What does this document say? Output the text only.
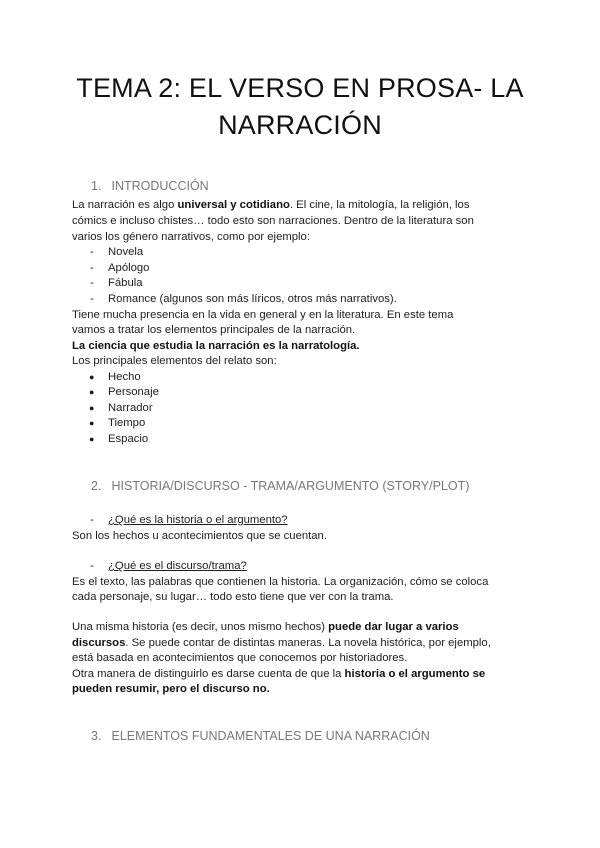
TEMA 2: EL VERSO EN PROSA- LA
NARRACIÓN
1. INTRODUCCIÓN
La narración es algo universal y cotidiano. El cine, la mitología, la religión, los
cómics e incluso chistes… todo esto son narraciones. Dentro de la literatura son
varios los género narrativos, como por ejemplo:
- Novela
- Apólogo
- Fábula
- Romance (algunos son más líricos, otros más narrativos).
Tiene mucha presencia en la vida en general y en la literatura. En este tema
vamos a tratar los elementos principales de la narración.
La ciencia que estudia la narración es la narratología.
Los principales elementos del relato son:
● Hecho
● Personaje
● Narrador
● Tiempo
● Espacio
2. HISTORIA/DISCURSO - TRAMA/ARGUMENTO (STORY/PLOT)
- ¿Qué es la historia o el argumento?
Son los hechos u acontecimientos que se cuentan.
- ¿Qué es el discurso/trama?
Es el texto, las palabras que contienen la historia. La organización, cómo se coloca
cada personaje, su lugar… todo esto tiene que ver con la trama.
Una misma historia (es decir, unos mismo hechos) puede dar lugar a varios
discursos. Se puede contar de distintas maneras. La novela histórica, por ejemplo,
está basada en acontecimientos que conocemos por historiadores.
Otra manera de distinguirlo es darse cuenta de que la historia o el argumento se
pueden resumir, pero el discurso no.
3. ELEMENTOS FUNDAMENTALES DE UNA NARRACIÓN
